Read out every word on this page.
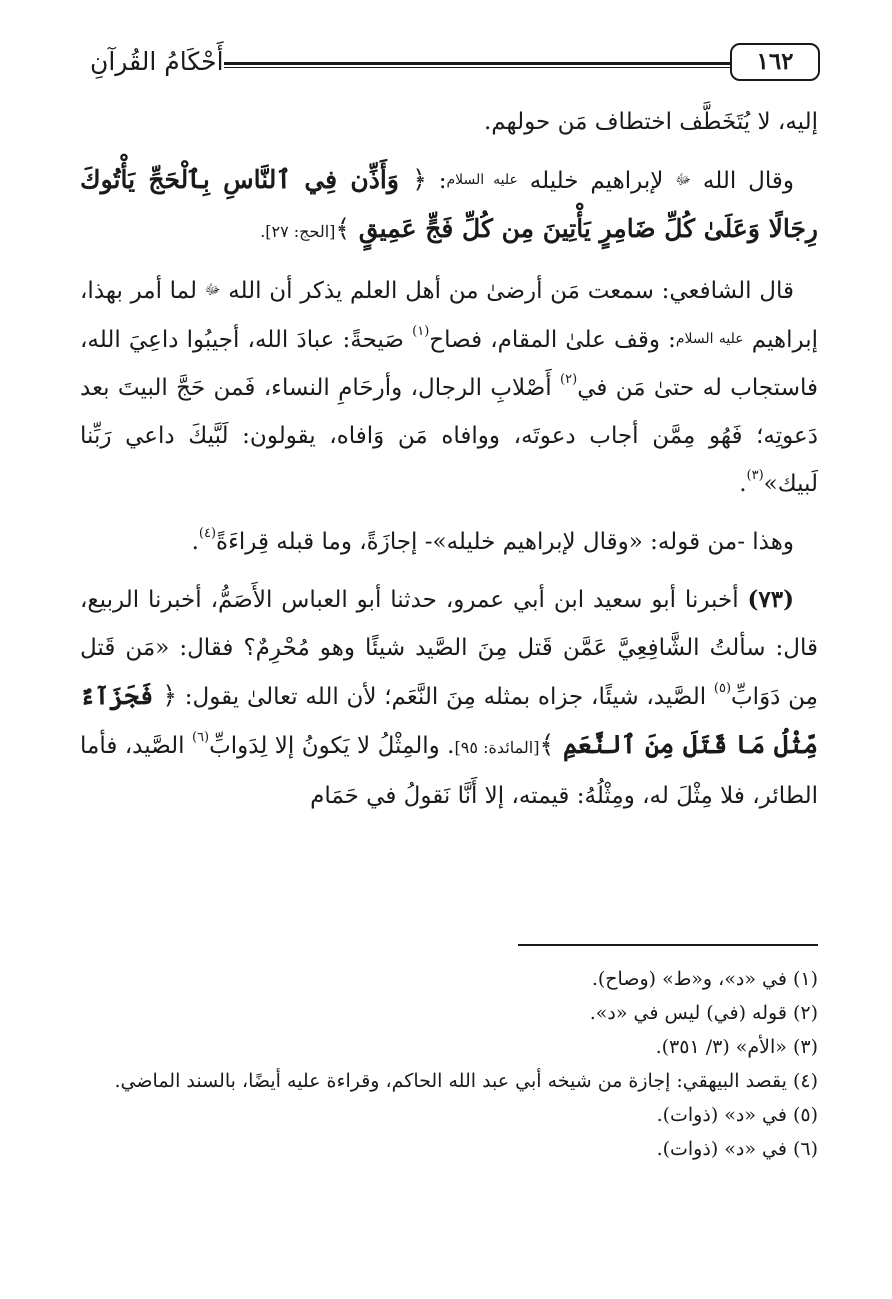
١٦٢
أَحْكَامُ القُرآنِ

إليه، لا يُتَخَطَّف اختطاف مَن حولهم.

وقال الله ﷻ لإبراهيم خليله عليه السلام: ﴿ وَأَذِّن فِي ٱلنَّاسِ بِٱلْحَجِّ يَأْتُوكَ رِجَالًا وَعَلَىٰ كُلِّ ضَامِرٍ يَأْتِينَ مِن كُلِّ فَجٍّ عَمِيقٍ ﴾[الحج: ٢٧].

قال الشافعي: سمعت مَن أرضىٰ من أهل العلم يذكر أن الله ﷻ لما أمر بهذا، إبراهيم عليه السلام: وقف علىٰ المقام، فصاح$^{(١)}$ صَيحةً: عبادَ الله، أجيبُوا داعِيَ الله، فاستجاب له حتىٰ مَن في$^{(٢)}$ أَصْلابِ الرجال، وأرحَامِ النساء، فَمن حَجَّ البيتَ بعد دَعوتِه؛ فَهُو مِمَّن أجاب دعوتَه، ووافاه مَن وَافاه، يقولون: لَبَّيكَ داعي رَبِّنا لَبيك»$^{(٣)}$.

وهذا -من قوله: «وقال لإبراهيم خليله»- إجازَةً، وما قبله قِراءَةً$^{(٤)}$.

(٧٣) أخبرنا أبو سعيد ابن أبي عمرو، حدثنا أبو العباس الأَصَمُّ، أخبرنا الربيع، قال: سألتُ الشَّافِعِيَّ عَمَّن قَتل مِنَ الصَّيد شيئًا وهو مُحْرِمٌ؟ فقال: «مَن قَتل مِن دَوَابِّ$^{(٥)}$ الصَّيد، شيئًا، جزاه بمثله مِنَ النَّعَم؛ لأن الله تعالىٰ يقول: ﴿ فَجَزَآءٌ مِّثْلُ مَا قَتَلَ مِنَ ٱلنَّعَمِ ﴾[المائدة: ٩٥]. والمِثْلُ لا يَكونُ إلا لِدَوابِّ$^{(٦)}$ الصَّيد، فأما الطائر، فلا مِثْلَ له، ومِثْلُهُ: قيمته، إلا أَنَّا نَقولُ في حَمَام

(١)في «د»، و«ط» (وصاح).

(٢)قوله (في) ليس في «د».

(٣)«الأم» (٣/ ٣٥١).

(٤)يقصد البيهقي: إجازة من شيخه أبي عبد الله الحاكم، وقراءة عليه أيضًا، بالسند الماضي.

(٥)في «د» (ذوات).

(٦)في «د» (ذوات).
